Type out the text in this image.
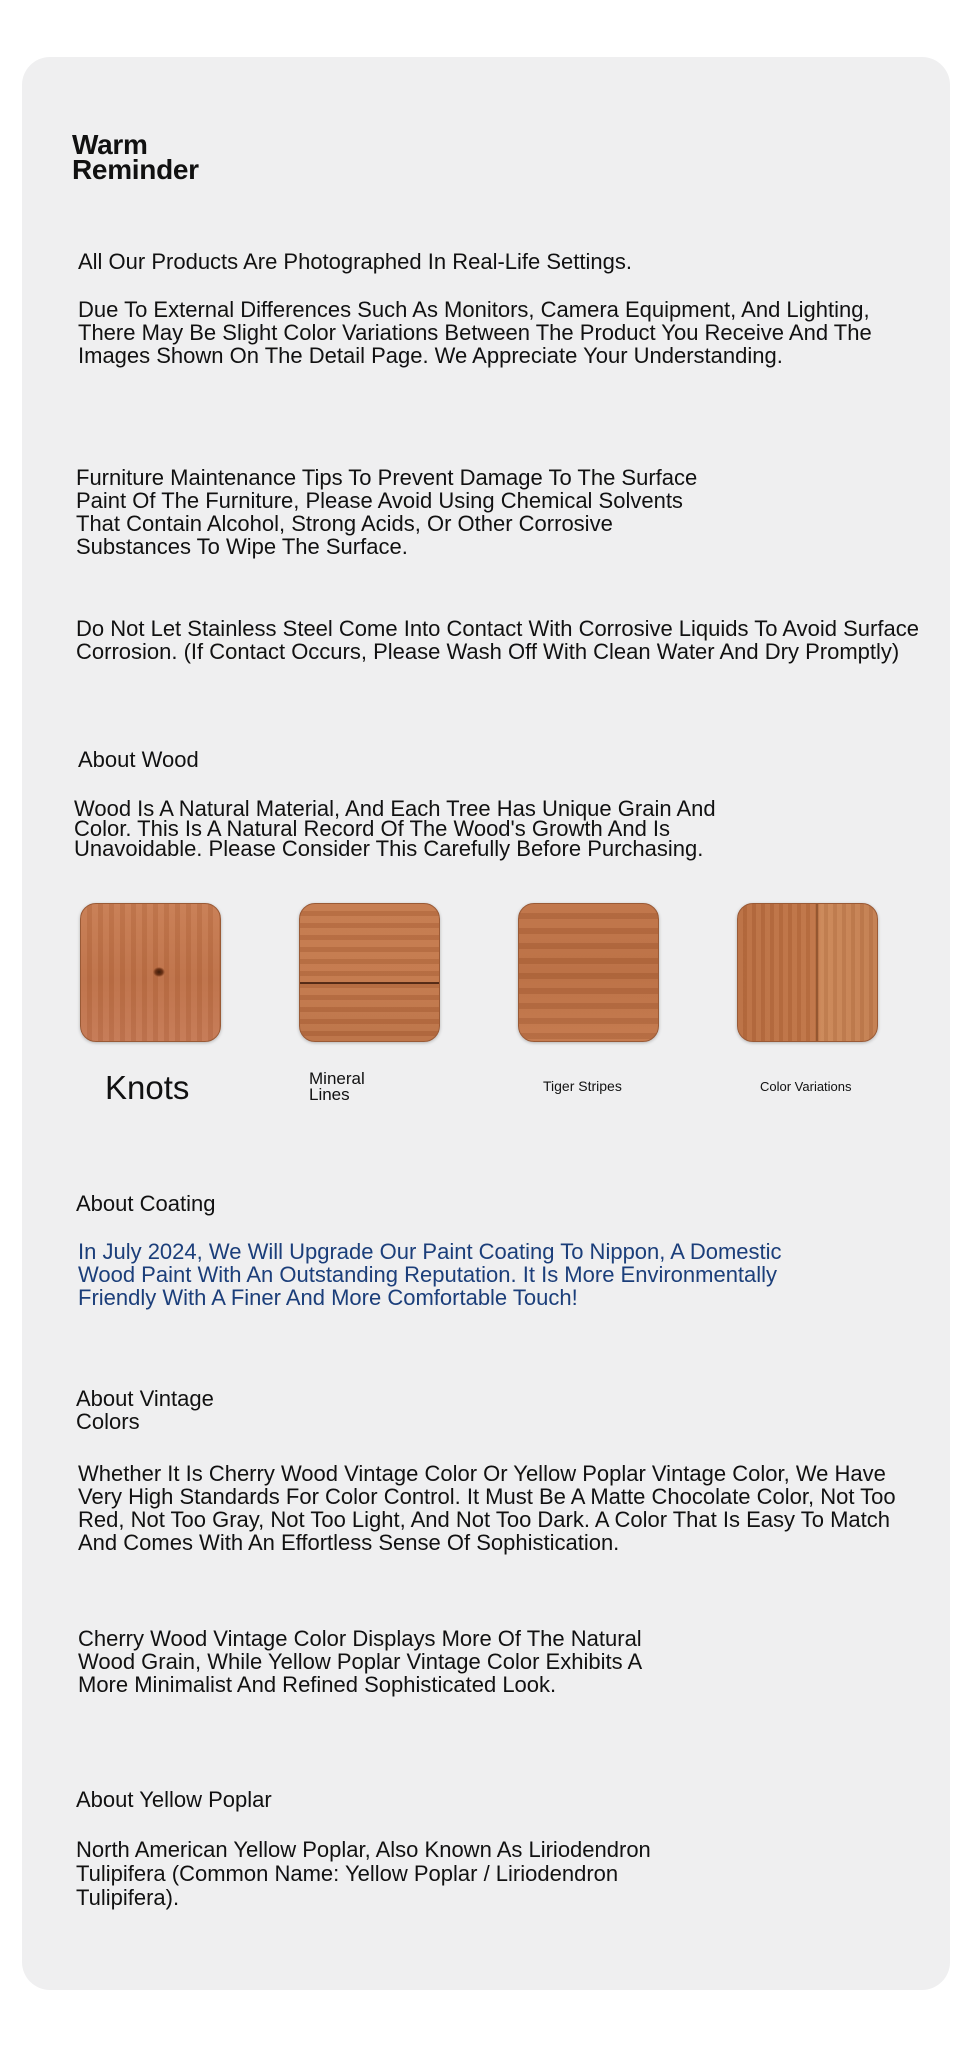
Warm
Reminder
All Our Products Are Photographed In Real-Life Settings.
Due To External Differences Such As Monitors, Camera Equipment, And Lighting, There May Be Slight Color Variations Between The Product You Receive And The Images Shown On The Detail Page. We Appreciate Your Understanding.
Furniture Maintenance Tips To Prevent Damage To The Surface Paint Of The Furniture, Please Avoid Using Chemical Solvents That Contain Alcohol, Strong Acids, Or Other Corrosive Substances To Wipe The Surface.
Do Not Let Stainless Steel Come Into Contact With Corrosive Liquids To Avoid Surface Corrosion. (If Contact Occurs, Please Wash Off With Clean Water And Dry Promptly)
About Wood
Wood Is A Natural Material, And Each Tree Has Unique Grain And Color. This Is A Natural Record Of The Wood's Growth And Is Unavoidable. Please Consider This Carefully Before Purchasing.
Knots	Mineral
Lines	Tiger Stripes	Color Variations
About Coating
In July 2024, We Will Upgrade Our Paint Coating To Nippon, A Domestic Wood Paint With An Outstanding Reputation. It Is More Environmentally Friendly With A Finer And More Comfortable Touch!
About Vintage
Colors
Whether It Is Cherry Wood Vintage Color Or Yellow Poplar Vintage Color, We Have Very High Standards For Color Control. It Must Be A Matte Chocolate Color, Not Too Red, Not Too Gray, Not Too Light, And Not Too Dark. A Color That Is Easy To Match And Comes With An Effortless Sense Of Sophistication.
Cherry Wood Vintage Color Displays More Of The Natural Wood Grain, While Yellow Poplar Vintage Color Exhibits A More Minimalist And Refined Sophisticated Look.
About Yellow Poplar
North American Yellow Poplar, Also Known As Liriodendron Tulipifera (Common Name: Yellow Poplar / Liriodendron Tulipifera).
